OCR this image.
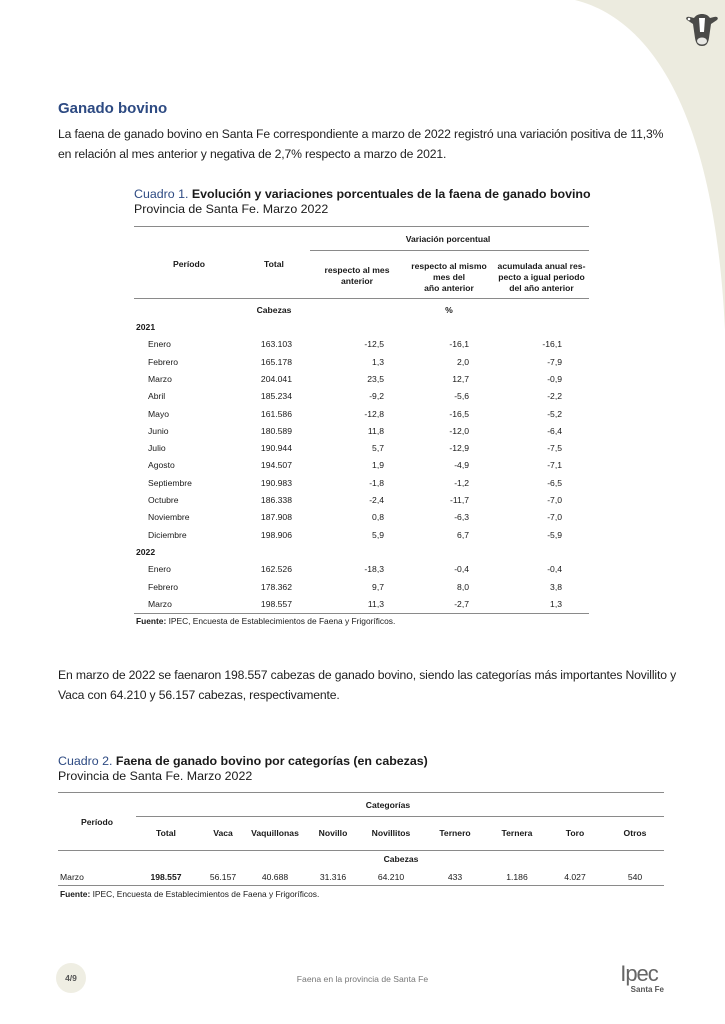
Ganado bovino
La faena de ganado bovino en Santa Fe correspondiente a marzo de 2022 registró una variación positiva de 11,3% en relación al mes anterior y negativa de 2,7% respecto a marzo de 2021.
Cuadro 1. Evolución y variaciones porcentuales de la faena de ganado bovino
Provincia de Santa Fe. Marzo 2022
Variación porcentual
Período	Total
respecto al mes anterior
respecto al mismo
mes del
año anterior
acumulada anual res-
pecto a igual periodo
del año anterior
Cabezas	%
2021
Enero	163.103	-12,5	-16,1	-16,1
Febrero	165.178	1,3	2,0	-7,9
Marzo	204.041	23,5	12,7	-0,9
Abril	185.234	-9,2	-5,6	-2,2
Mayo	161.586	-12,8	-16,5	-5,2
Junio	180.589	11,8	-12,0	-6,4
Julio	190.944	5,7	-12,9	-7,5
Agosto	194.507	1,9	-4,9	-7,1
Septiembre	190.983	-1,8	-1,2	-6,5
Octubre	186.338	-2,4	-11,7	-7,0
Noviembre	187.908	0,8	-6,3	-7,0
Diciembre	198.906	5,9	6,7	-5,9
2022
Enero	162.526	-18,3	-0,4	-0,4
Febrero	178.362	9,7	8,0	3,8
Marzo	198.557	11,3	-2,7	1,3
Fuente: IPEC, Encuesta de Establecimientos de Faena y Frigoríficos.
En marzo de 2022 se faenaron 198.557 cabezas de ganado bovino, siendo las categorías más importantes Novillito y Vaca con 64.210 y 56.157 cabezas, respectivamente.
Cuadro 2. Faena de ganado bovino por categorías (en cabezas)
Provincia de Santa Fe. Marzo 2022
Categorías
Período
Total	Vaca	Vaquillonas	Novillo	Novillitos	Ternero	Ternera	Toro	Otros
Cabezas
Marzo	198.557	56.157	40.688	31.316	64.210	433	1.186	4.027	540
Fuente: IPEC, Encuesta de Establecimientos de Faena y Frigoríficos.
4/9	Faena en la provincia de Santa Fe	Ipec
Santa Fe
